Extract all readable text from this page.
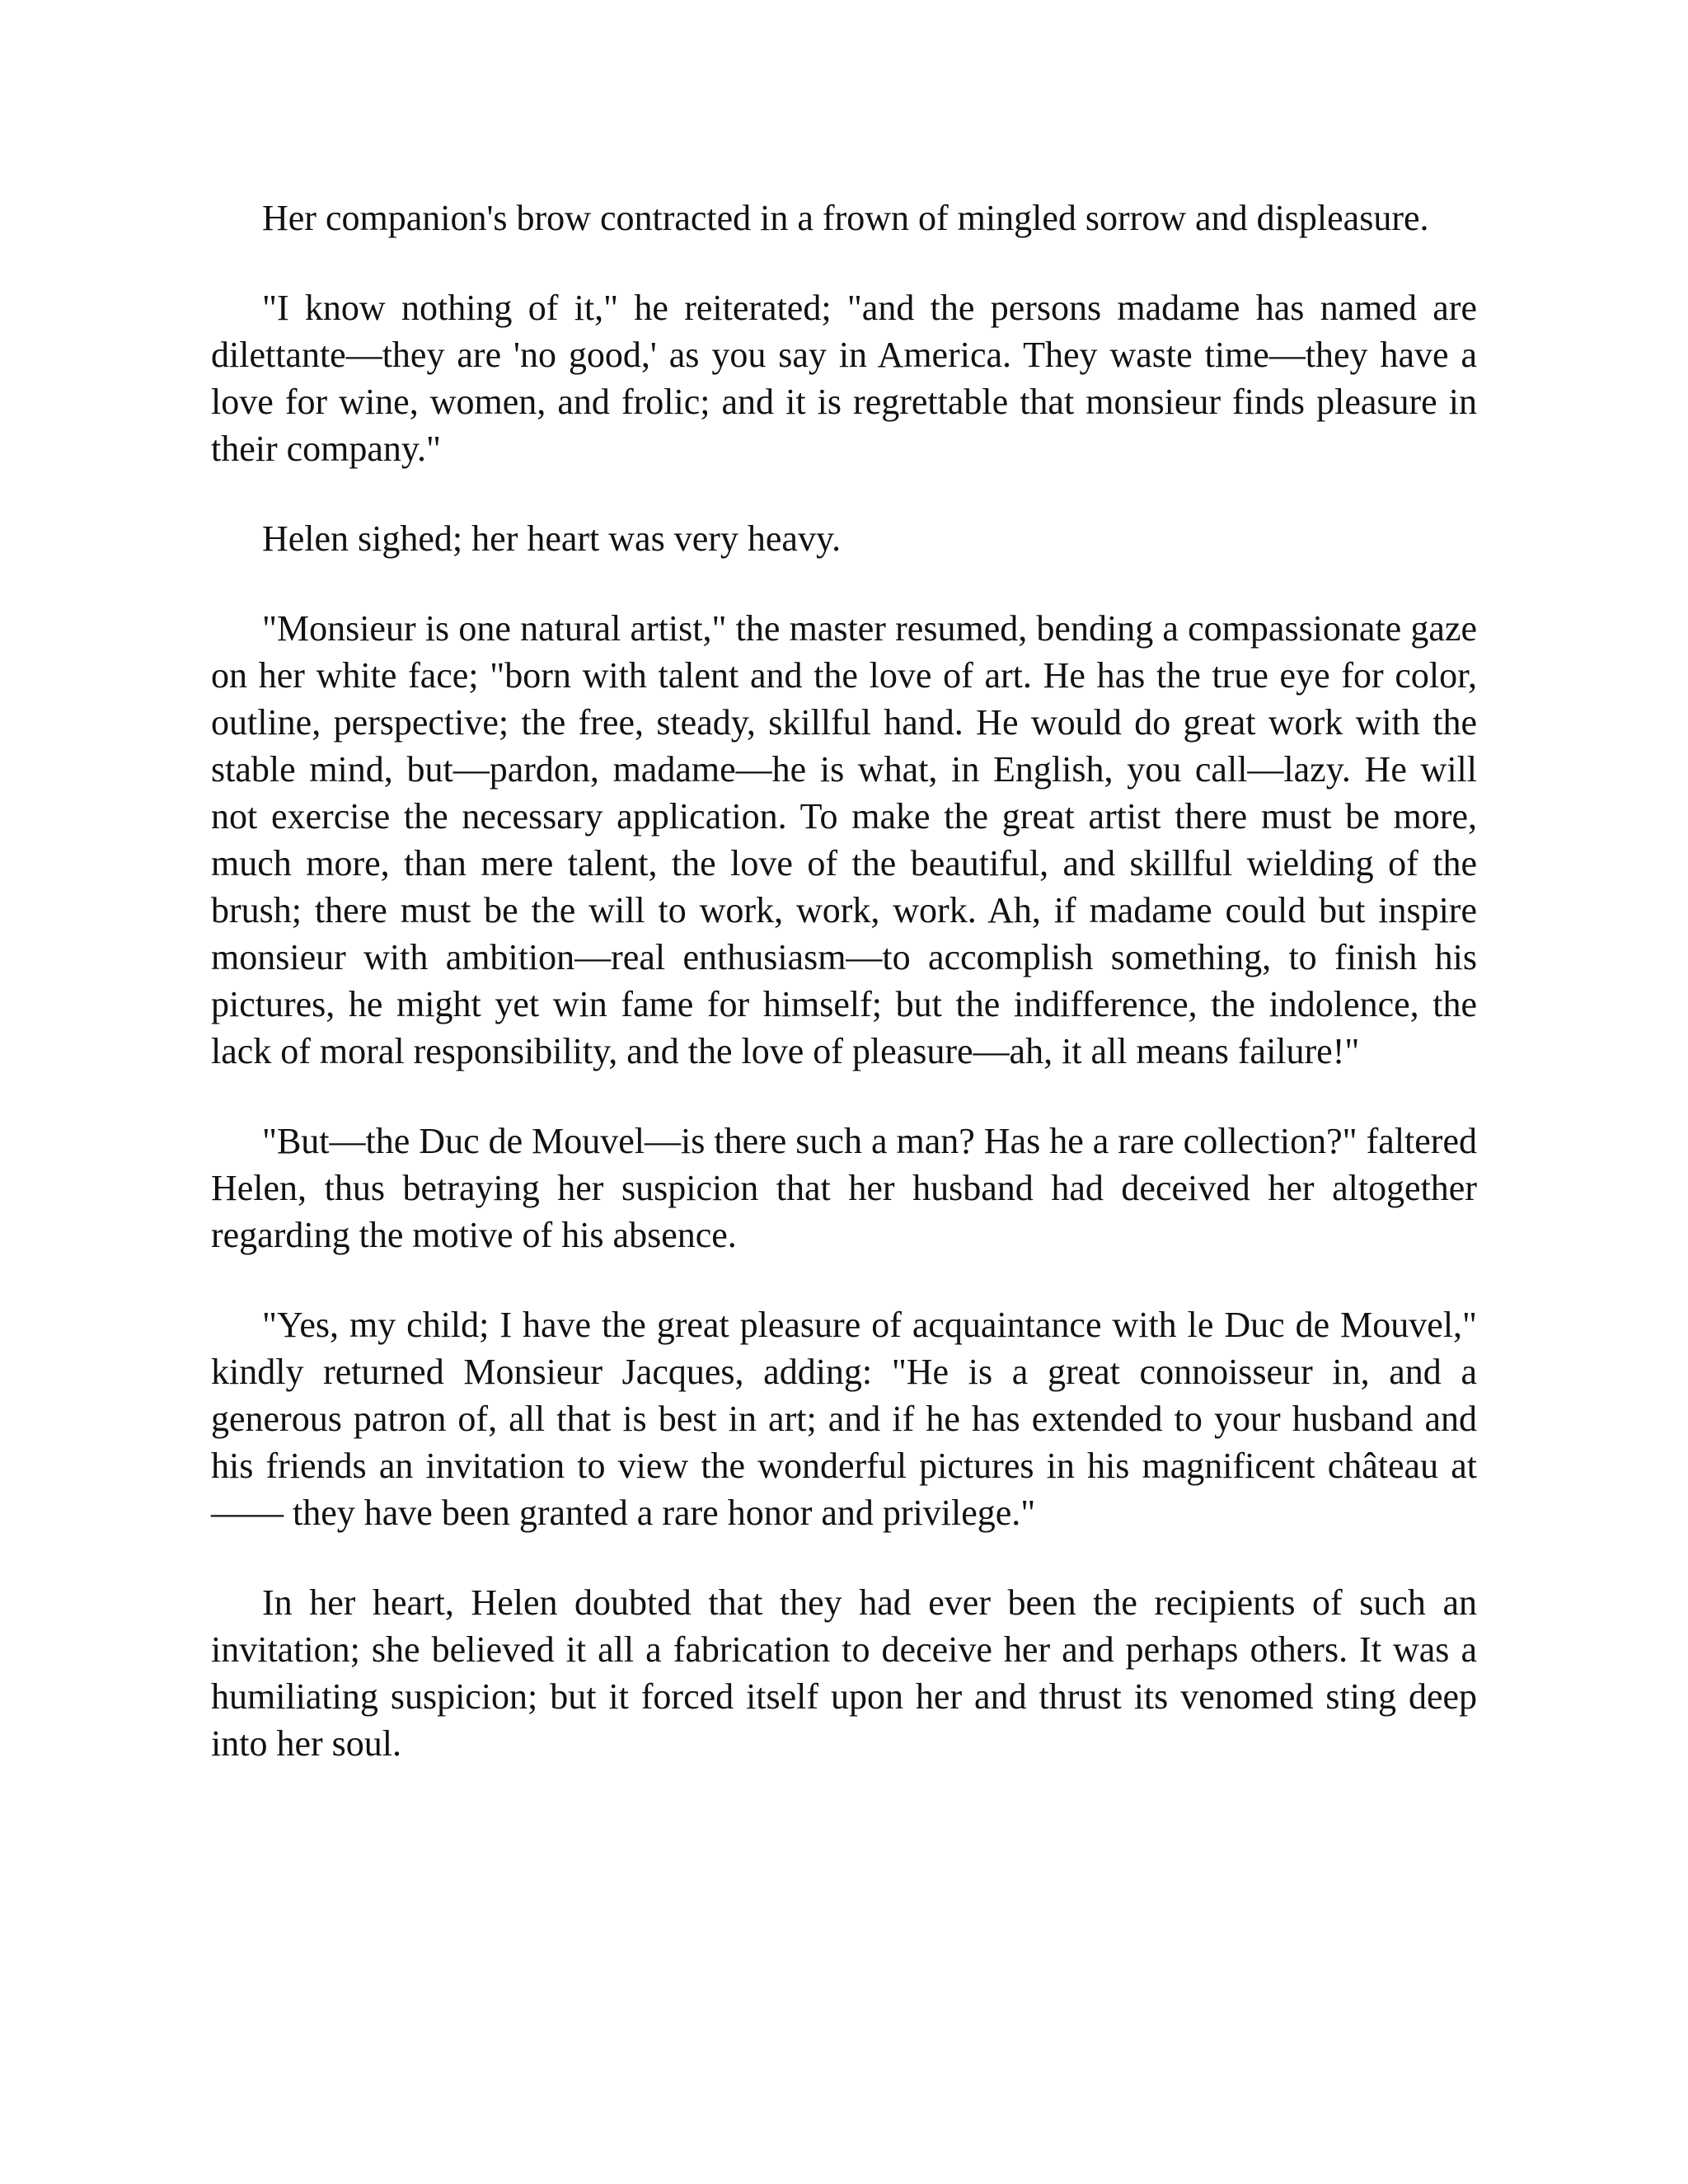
Her companion's brow contracted in a frown of mingled sorrow and displeasure.

"I know nothing of it," he reiterated; "and the persons madame has named are dilettante—they are 'no good,' as you say in America. They waste time—they have a love for wine, women, and frolic; and it is regrettable that monsieur finds pleasure in their company."

Helen sighed; her heart was very heavy.

"Monsieur is one natural artist," the master resumed, bending a compassionate gaze on her white face; "born with talent and the love of art. He has the true eye for color, outline, perspective; the free, steady, skillful hand. He would do great work with the stable mind, but—pardon, madame—he is what, in English, you call—lazy. He will not exercise the necessary application. To make the great artist there must be more, much more, than mere talent, the love of the beautiful, and skillful wielding of the brush; there must be the will to work, work, work. Ah, if madame could but inspire monsieur with ambition—real enthusiasm—to accomplish something, to finish his pictures, he might yet win fame for himself; but the indifference, the indolence, the lack of moral responsibility, and the love of pleasure—ah, it all means failure!"

"But—the Duc de Mouvel—is there such a man? Has he a rare collection?" faltered Helen, thus betraying her suspicion that her husband had deceived her altogether regarding the motive of his absence.

"Yes, my child; I have the great pleasure of acquaintance with le Duc de Mouvel," kindly returned Monsieur Jacques, adding: "He is a great connoisseur in, and a generous patron of, all that is best in art; and if he has extended to your husband and his friends an invitation to view the wonderful pictures in his magnificent château at —— they have been granted a rare honor and privilege."

In her heart, Helen doubted that they had ever been the recipients of such an invitation; she believed it all a fabrication to deceive her and perhaps others. It was a humiliating suspicion; but it forced itself upon her and thrust its venomed sting deep into her soul.
